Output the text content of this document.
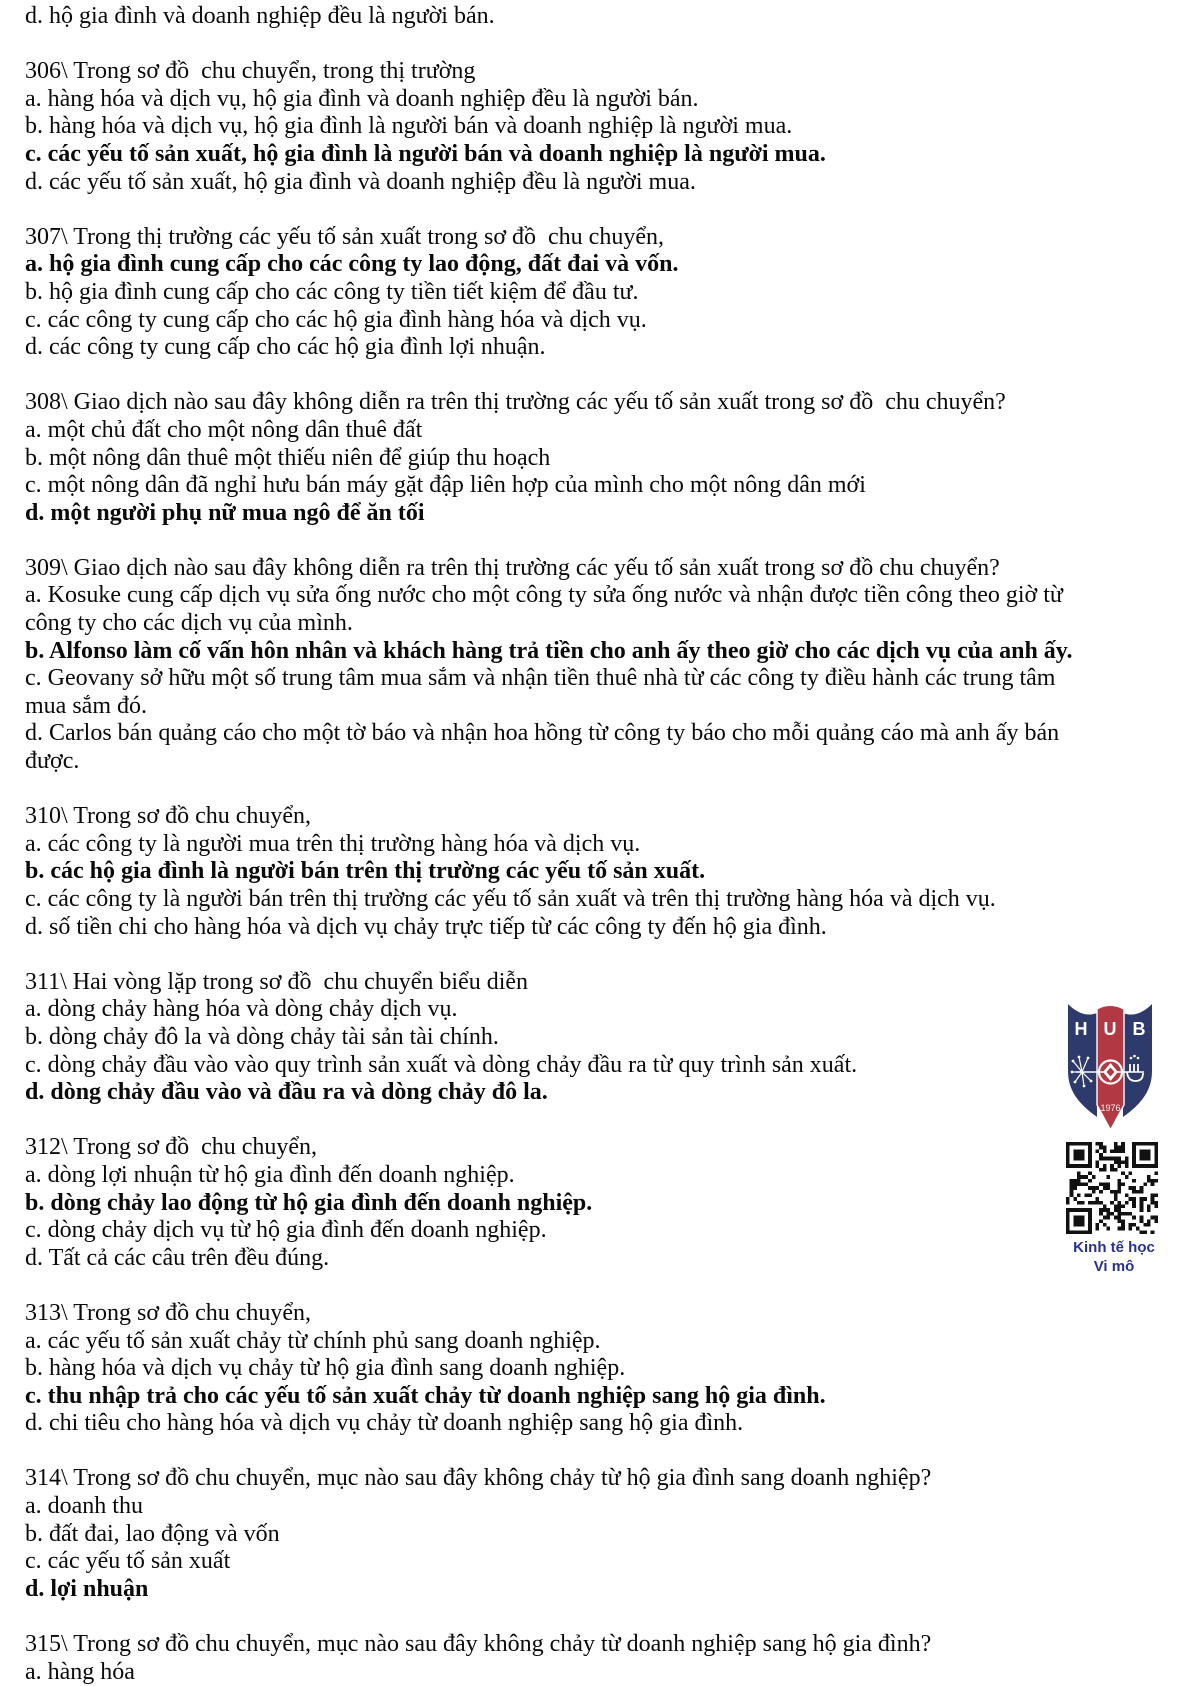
d. hộ gia đình và doanh nghiệp đều là người bán.
306\ Trong sơ đồ  chu chuyển, trong thị trường
a. hàng hóa và dịch vụ, hộ gia đình và doanh nghiệp đều là người bán.
b. hàng hóa và dịch vụ, hộ gia đình là người bán và doanh nghiệp là người mua.
c. các yếu tố sản xuất, hộ gia đình là người bán và doanh nghiệp là người mua.
d. các yếu tố sản xuất, hộ gia đình và doanh nghiệp đều là người mua.
307\ Trong thị trường các yếu tố sản xuất trong sơ đồ  chu chuyển,
a. hộ gia đình cung cấp cho các công ty lao động, đất đai và vốn.
b. hộ gia đình cung cấp cho các công ty tiền tiết kiệm để đầu tư.
c. các công ty cung cấp cho các hộ gia đình hàng hóa và dịch vụ.
d. các công ty cung cấp cho các hộ gia đình lợi nhuận.
308\ Giao dịch nào sau đây không diễn ra trên thị trường các yếu tố sản xuất trong sơ đồ  chu chuyển?
a. một chủ đất cho một nông dân thuê đất
b. một nông dân thuê một thiếu niên để giúp thu hoạch
c. một nông dân đã nghỉ hưu bán máy gặt đập liên hợp của mình cho một nông dân mới
d. một người phụ nữ mua ngô để ăn tối
309\ Giao dịch nào sau đây không diễn ra trên thị trường các yếu tố sản xuất trong sơ đồ chu chuyển?
a. Kosuke cung cấp dịch vụ sửa ống nước cho một công ty sửa ống nước và nhận được tiền công theo giờ từ công ty cho các dịch vụ của mình.
b. Alfonso làm cố vấn hôn nhân và khách hàng trả tiền cho anh ấy theo giờ cho các dịch vụ của anh ấy.
c. Geovany sở hữu một số trung tâm mua sắm và nhận tiền thuê nhà từ các công ty điều hành các trung tâm mua sắm đó.
d. Carlos bán quảng cáo cho một tờ báo và nhận hoa hồng từ công ty báo cho mỗi quảng cáo mà anh ấy bán được.
310\ Trong sơ đồ chu chuyển,
a. các công ty là người mua trên thị trường hàng hóa và dịch vụ.
b. các hộ gia đình là người bán trên thị trường các yếu tố sản xuất.
c. các công ty là người bán trên thị trường các yếu tố sản xuất và trên thị trường hàng hóa và dịch vụ.
d. số tiền chi cho hàng hóa và dịch vụ chảy trực tiếp từ các công ty đến hộ gia đình.
311\ Hai vòng lặp trong sơ đồ  chu chuyển biểu diễn
a. dòng chảy hàng hóa và dòng chảy dịch vụ.
b. dòng chảy đô la và dòng chảy tài sản tài chính.
c. dòng chảy đầu vào vào quy trình sản xuất và dòng chảy đầu ra từ quy trình sản xuất.
d. dòng chảy đầu vào và đầu ra và dòng chảy đô la.
312\ Trong sơ đồ  chu chuyển,
a. dòng lợi nhuận từ hộ gia đình đến doanh nghiệp.
b. dòng chảy lao động từ hộ gia đình đến doanh nghiệp.
c. dòng chảy dịch vụ từ hộ gia đình đến doanh nghiệp.
d. Tất cả các câu trên đều đúng.
313\ Trong sơ đồ chu chuyển,
a. các yếu tố sản xuất chảy từ chính phủ sang doanh nghiệp.
b. hàng hóa và dịch vụ chảy từ hộ gia đình sang doanh nghiệp.
c. thu nhập trả cho các yếu tố sản xuất chảy từ doanh nghiệp sang hộ gia đình.
d. chi tiêu cho hàng hóa và dịch vụ chảy từ doanh nghiệp sang hộ gia đình.
314\ Trong sơ đồ chu chuyển, mục nào sau đây không chảy từ hộ gia đình sang doanh nghiệp?
a. doanh thu
b. đất đai, lao động và vốn
c. các yếu tố sản xuất
d. lợi nhuận
315\ Trong sơ đồ chu chuyển, mục nào sau đây không chảy từ doanh nghiệp sang hộ gia đình?
a. hàng hóa
H U B
1976
Kinh tế học
Vi mô
